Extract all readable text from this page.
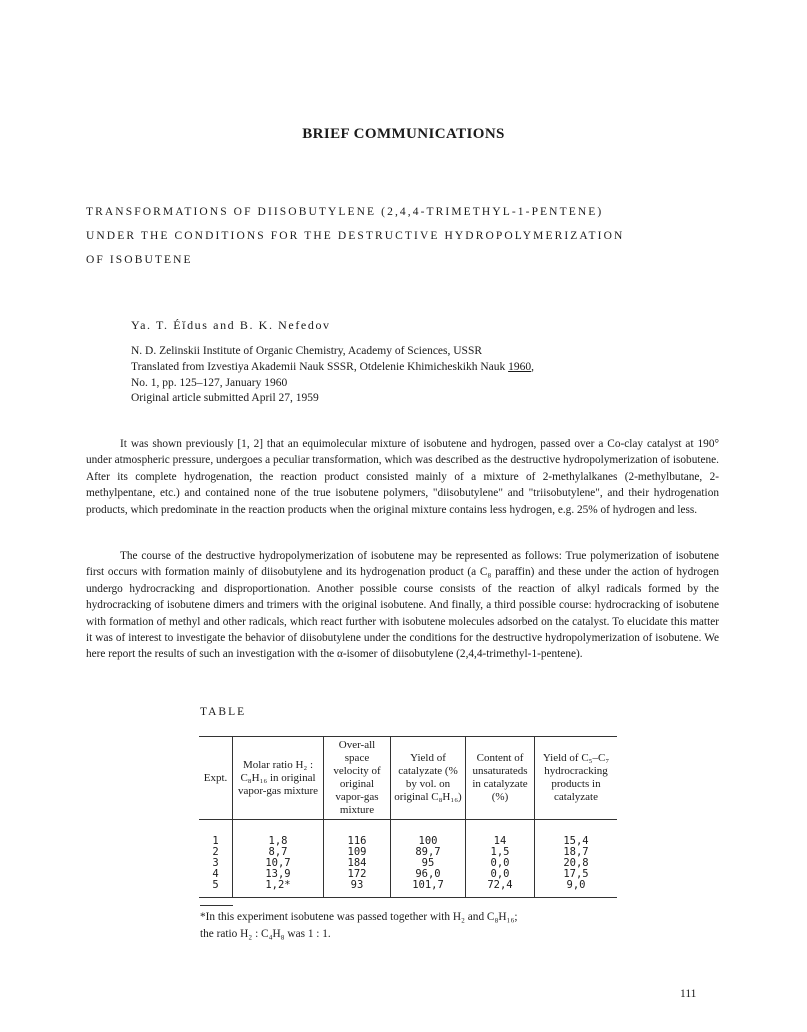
BRIEF COMMUNICATIONS
TRANSFORMATIONS OF DIISOBUTYLENE (2,4,4-TRIMETHYL-1-PENTENE)
UNDER THE CONDITIONS FOR THE DESTRUCTIVE HYDROPOLYMERIZATION
OF ISOBUTENE
Ya. T. Éĭdus and B. K. Nefedov
N. D. Zelinskii Institute of Organic Chemistry, Academy of Sciences, USSR
Translated from Izvestiya Akademii Nauk SSSR, Otdelenie Khimicheskikh Nauk 1960,
No. 1, pp. 125–127, January 1960
Original article submitted April 27, 1959

It was shown previously [1, 2] that an equimolecular mixture of isobutene and hydrogen, passed over a Co-clay catalyst at 190° under atmospheric pressure, undergoes a peculiar transformation, which was described as the destructive hydropolymerization of isobutene. After its complete hydrogenation, the reaction product consisted mainly of a mixture of 2-methylalkanes (2-methylbutane, 2-methylpentane, etc.) and contained none of the true isobutene polymers, "diisobutylene" and "triisobutylene", and their hydrogenation products, which predominate in the reaction products when the original mixture contains less hydrogen, e.g. 25% of hydrogen and less.

The course of the destructive hydropolymerization of isobutene may be represented as follows: True polymerization of isobutene first occurs with formation mainly of diisobutylene and its hydrogenation product (a C₈ paraffin) and these under the action of hydrogen undergo hydrocracking and disproportionation. Another possible course consists of the reaction of alkyl radicals formed by the hydrocracking of isobutene dimers and trimers with the original isobutene. And finally, a third possible course: hydrocracking of isobutene with formation of methyl and other radicals, which react further with isobutene molecules adsorbed on the catalyst. To elucidate this matter it was of interest to investigate the behavior of diisobutylene under the conditions for the destructive hydropolymerization of isobutene. We here report the results of such an investigation with the α-isomer of diisobutylene (2,4,4-trimethyl-1-pentene).

TABLE
Expt.	Molar ratio H₂ : C₈H₁₆ in original vapor-gas mixture	Over-all space velocity of original vapor-gas mixture	Yield of catalyzate (% by vol. on original C₈H₁₆)	Content of unsaturateds in catalyzate (%)	Yield of C₅–C₇ hydrocracking products in catalyzate
1	1,8	116	100	14	15,4
2	8,7	109	89,7	1,5	18,7
3	10,7	184	95	0,0	20,8
4	13,9	172	96,0	0,0	17,5
5	1,2*	93	101,7	72,4	9,0
*In this experiment isobutene was passed together with H₂ and C₈H₁₆;
the ratio H₂ : C₄H₈ was 1 : 1.
111
